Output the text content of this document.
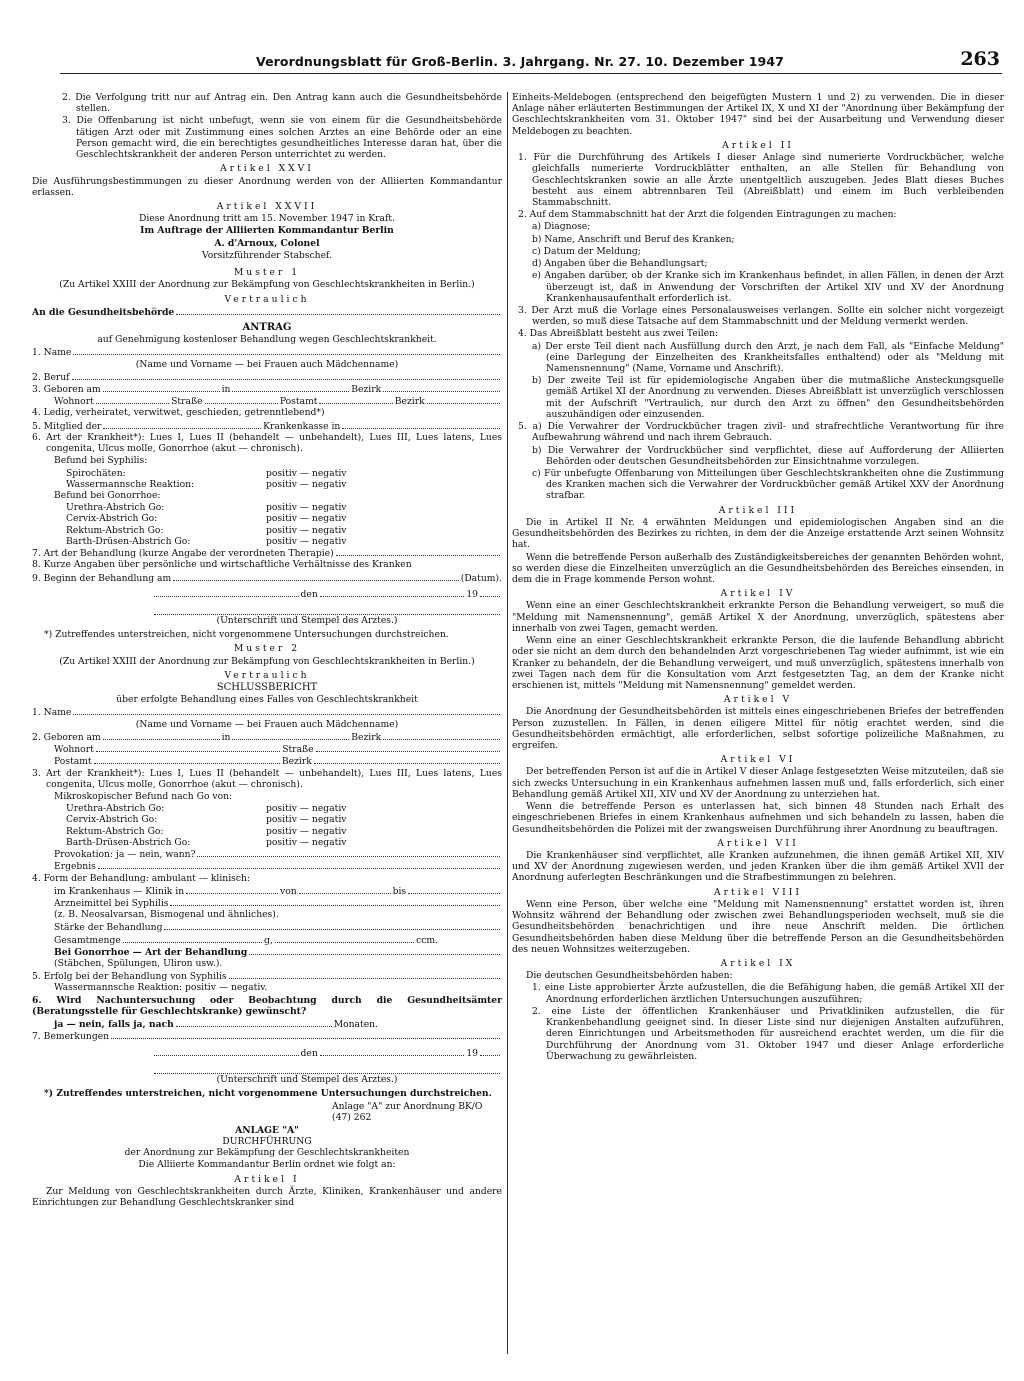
Verordnungsblatt für Groß-Berlin. 3. Jahrgang. Nr. 27. 10. Dezember 1947	263

2. Die Verfolgung tritt nur auf Antrag ein. Den Antrag kann auch die Gesundheitsbehörde stellen.

3. Die Offenbarung ist nicht unbefugt, wenn sie von einem für die Gesundheitsbehörde tätigen Arzt oder mit Zustimmung eines solchen Arztes an eine Behörde oder an eine Person gemacht wird, die ein berechtigtes gesundheitliches Interesse daran hat, über die Geschlechtskrankheit der anderen Person unterrichtet zu werden.

Artikel XXVI

Die Ausführungsbestimmungen zu dieser Anordnung werden von der Alliierten Kommandantur erlassen.

Artikel XXVII

Diese Anordnung tritt am 15. November 1947 in Kraft.

Im Auftrage der Alliierten Kommandantur Berlin

A. d'Arnoux, Colonel

Vorsitzführender Stabschef.

Muster 1

(Zu Artikel XXIII der Anordnung zur Bekämpfung von Geschlechtskrankheiten in Berlin.)

Vertraulich
An die Gesundheitsbehörde
ANTRAG

auf Genehmigung kostenloser Behandlung wegen Geschlechtskrankheit.

1. Name

(Name und Vorname — bei Frauen auch Mädchenname)

2. Beruf
3. Geboren am	in	Bezirk
Wohnort	Straße	Postamt	Bezirk

4. Ledig, verheiratet, verwitwet, geschieden, getrenntlebend*)

5. Mitglied der	Krankenkasse in

6. Art der Krankheit*): Lues I, Lues II (behandelt — unbehandelt), Lues III, Lues latens, Lues congenita, Ulcus molle, Gonorrhoe (akut — chronisch).

Befund bei Syphilis:

Spirochäten:	positiv — negativ
Wassermannsche Reaktion:	positiv — negativ

Befund bei Gonorrhoe:

Urethra-Abstrich Go:	positiv — negativ
Cervix-Abstrich Go:	positiv — negativ
Rektum-Abstrich Go:	positiv — negativ
Barth-Drüsen-Abstrich Go:	positiv — negativ
7. Art der Behandlung (kurze Angabe der verordneten Therapie)

8. Kurze Angaben über persönliche und wirtschaftliche Verhältnisse des Kranken

9. Beginn der Behandlung am	(Datum).
den	19

(Unterschrift und Stempel des Arztes.)

*) Zutreffendes unterstreichen, nicht vorgenommene Untersuchungen durchstreichen.

Muster 2

(Zu Artikel XXIII der Anordnung zur Bekämpfung von Geschlechtskrankheiten in Berlin.)

Vertraulich
SCHLUSSBERICHT

über erfolgte Behandlung eines Falles von Geschlechtskrankheit

1. Name

(Name und Vorname — bei Frauen auch Mädchenname)

2. Geboren am	in	Bezirk
Wohnort	Straße
Postamt	Bezirk

3. Art der Krankheit*): Lues I, Lues II (behandelt — unbehandelt), Lues III, Lues latens, Lues congenita, Ulcus molle, Gonorrhoe (akut — chronisch).

Mikroskopischer Befund nach Go von:

Urethra-Abstrich Go:	positiv — negativ
Cervix-Abstrich Go:	positiv — negativ
Rektum-Abstrich Go:	positiv — negativ
Barth-Drüsen-Abstrich Go:	positiv — negativ
Provokation: ja — nein, wann?
Ergebnis

4. Form der Behandlung: ambulant — klinisch:

im Krankenhaus — Klinik in	von	bis
Arzneimittel bei Syphilis

(z. B. Neosalvarsan, Bismogenal und ähnliches).

Stärke der Behandlung
Gesamtmenge	g,	ccm.
Bei Gonorrhoe — Art der Behandlung

(Stäbchen, Spülungen, Uliron usw.).

5. Erfolg bei der Behandlung von Syphilis

Wassermannsche Reaktion: positiv — negativ.

6. Wird Nachuntersuchung oder Beobachtung durch die Gesundheitsämter (Beratungsstelle für Geschlechtskranke) gewünscht?

ja — nein, falls ja, nach	Monaten.
7. Bemerkungen
den	19

(Unterschrift und Stempel des Arztes.)

*) Zutreffendes unterstreichen, nicht vorgenommene Untersuchungen durchstreichen.

Anlage "A" zur Anordnung BK/O (47) 262

ANLAGE "A"
DURCHFÜHRUNG

der Anordnung zur Bekämpfung der Geschlechtskrankheiten

Die Alliierte Kommandantur Berlin ordnet wie folgt an:

Artikel I

Zur Meldung von Geschlechtskrankheiten durch Ärzte, Kliniken, Krankenhäuser und andere Einrichtungen zur Behandlung Geschlechtskranker sind

Einheits-Meldebogen (entsprechend den beigefügten Mustern 1 und 2) zu verwenden. Die in dieser Anlage näher erläuterten Bestimmungen der Artikel IX, X und XI der "Anordnung über Bekämpfung der Geschlechtskrankheiten vom 31. Oktober 1947" sind bei der Ausarbeitung und Verwendung dieser Meldebogen zu beachten.

Artikel II

1. Für die Durchführung des Artikels I dieser Anlage sind numerierte Vordruckbücher, welche gleichfalls numerierte Vordruckblätter enthalten, an alle Stellen für Behandlung von Geschlechtskranken sowie an alle Ärzte unentgeltlich auszugeben. Jedes Blatt dieses Buches besteht aus einem abtrennbaren Teil (Abreißblatt) und einem im Buch verbleibenden Stammabschnitt.

2. Auf dem Stammabschnitt hat der Arzt die folgenden Eintragungen zu machen:

a) Diagnose;

b) Name, Anschrift und Beruf des Kranken;

c) Datum der Meldung;

d) Angaben über die Behandlungsart;

e) Angaben darüber, ob der Kranke sich im Krankenhaus befindet, in allen Fällen, in denen der Arzt überzeugt ist, daß in Anwendung der Vorschriften der Artikel XIV und XV der Anordnung Krankenhausaufenthalt erforderlich ist.

3. Der Arzt muß die Vorlage eines Personalausweises verlangen. Sollte ein solcher nicht vorgezeigt werden, so muß diese Tatsache auf dem Stammabschnitt und der Meldung vermerkt werden.

4. Das Abreißblatt besteht aus zwei Teilen:

a) Der erste Teil dient nach Ausfüllung durch den Arzt, je nach dem Fall, als "Einfache Meldung" (eine Darlegung der Einzelheiten des Krankheitsfalles enthaltend) oder als "Meldung mit Namensnennung" (Name, Vorname und Anschrift).

b) Der zweite Teil ist für epidemiologische Angaben über die mutmaßliche Ansteckungsquelle gemäß Artikel XI der Anordnung zu verwenden. Dieses Abreißblatt ist unverzüglich verschlossen mit der Aufschrift "Vertraulich, nur durch den Arzt zu öffnen" den Gesundheitsbehörden auszuhändigen oder einzusenden.

5. a) Die Verwahrer der Vordruckbücher tragen zivil- und strafrechtliche Verantwortung für ihre Aufbewahrung während und nach ihrem Gebrauch.

b) Die Verwahrer der Vordruckbücher sind verpflichtet, diese auf Aufforderung der Alliierten Behörden oder deutschen Gesundheitsbehörden zur Einsichtnahme vorzulegen.

c) Für unbefugte Offenbarung von Mitteilungen über Geschlechtskrankheiten ohne die Zustimmung des Kranken machen sich die Verwahrer der Vordruckbücher gemäß Artikel XXV der Anordnung strafbar.

Artikel III

Die in Artikel II Nr. 4 erwähnten Meldungen und epidemiologischen Angaben sind an die Gesundheitsbehörden des Bezirkes zu richten, in dem der die Anzeige erstattende Arzt seinen Wohnsitz hat.

Wenn die betreffende Person außerhalb des Zuständigkeitsbereiches der genannten Behörden wohnt, so werden diese die Einzelheiten unverzüglich an die Gesundheitsbehörden des Bereiches einsenden, in dem die in Frage kommende Person wohnt.

Artikel IV

Wenn eine an einer Geschlechtskrankheit erkrankte Person die Behandlung verweigert, so muß die "Meldung mit Namensnennung", gemäß Artikel X der Anordnung, unverzüglich, spätestens aber innerhalb von zwei Tagen, gemacht werden.

Wenn eine an einer Geschlechtskrankheit erkrankte Person, die die laufende Behandlung abbricht oder sie nicht an dem durch den behandelnden Arzt vorgeschriebenen Tag wieder aufnimmt, ist wie ein Kranker zu behandeln, der die Behandlung verweigert, und muß unverzüglich, spätestens innerhalb von zwei Tagen nach dem für die Konsultation vom Arzt festgesetzten Tag, an dem der Kranke nicht erschienen ist, mittels "Meldung mit Namensnennung" gemeldet werden.

Artikel V

Die Anordnung der Gesundheitsbehörden ist mittels eines eingeschriebenen Briefes der betreffenden Person zuzustellen. In Fällen, in denen eiligere Mittel für nötig erachtet werden, sind die Gesundheitsbehörden ermächtigt, alle erforderlichen, selbst sofortige polizeiliche Maßnahmen, zu ergreifen.

Artikel VI

Der betreffenden Person ist auf die in Artikel V dieser Anlage festgesetzten Weise mitzuteilen, daß sie sich zwecks Untersuchung in ein Krankenhaus aufnehmen lassen muß und, falls erforderlich, sich einer Behandlung gemäß Artikel XII, XIV und XV der Anordnung zu unterziehen hat.

Wenn die betreffende Person es unterlassen hat, sich binnen 48 Stunden nach Erhalt des eingeschriebenen Briefes in einem Krankenhaus aufnehmen und sich behandeln zu lassen, haben die Gesundheitsbehörden die Polizei mit der zwangsweisen Durchführung ihrer Anordnung zu beauftragen.

Artikel VII

Die Krankenhäuser sind verpflichtet, alle Kranken aufzunehmen, die ihnen gemäß Artikel XII, XIV und XV der Anordnung zugewiesen werden, und jeden Kranken über die ihm gemäß Artikel XVII der Anordnung auferlegten Beschränkungen und die Strafbestimmungen zu belehren.

Artikel VIII

Wenn eine Person, über welche eine "Meldung mit Namensnennung" erstattet worden ist, ihren Wohnsitz während der Behandlung oder zwischen zwei Behandlungsperioden wechselt, muß sie die Gesundheitsbehörden benachrichtigen und ihre neue Anschrift melden. Die örtlichen Gesundheitsbehörden haben diese Meldung über die betreffende Person an die Gesundheitsbehörden des neuen Wohnsitzes weiterzugeben.

Artikel IX

Die deutschen Gesundheitsbehörden haben:

1. eine Liste approbierter Ärzte aufzustellen, die die Befähigung haben, die gemäß Artikel XII der Anordnung erforderlichen ärztlichen Untersuchungen auszuführen;

2. eine Liste der öffentlichen Krankenhäuser und Privatkliniken aufzustellen, die für Krankenbehandlung geeignet sind. In dieser Liste sind nur diejenigen Anstalten aufzuführen, deren Einrichtungen und Arbeitsmethoden für ausreichend erachtet werden, um die für die Durchführung der Anordnung vom 31. Oktober 1947 und dieser Anlage erforderliche Überwachung zu gewährleisten.
